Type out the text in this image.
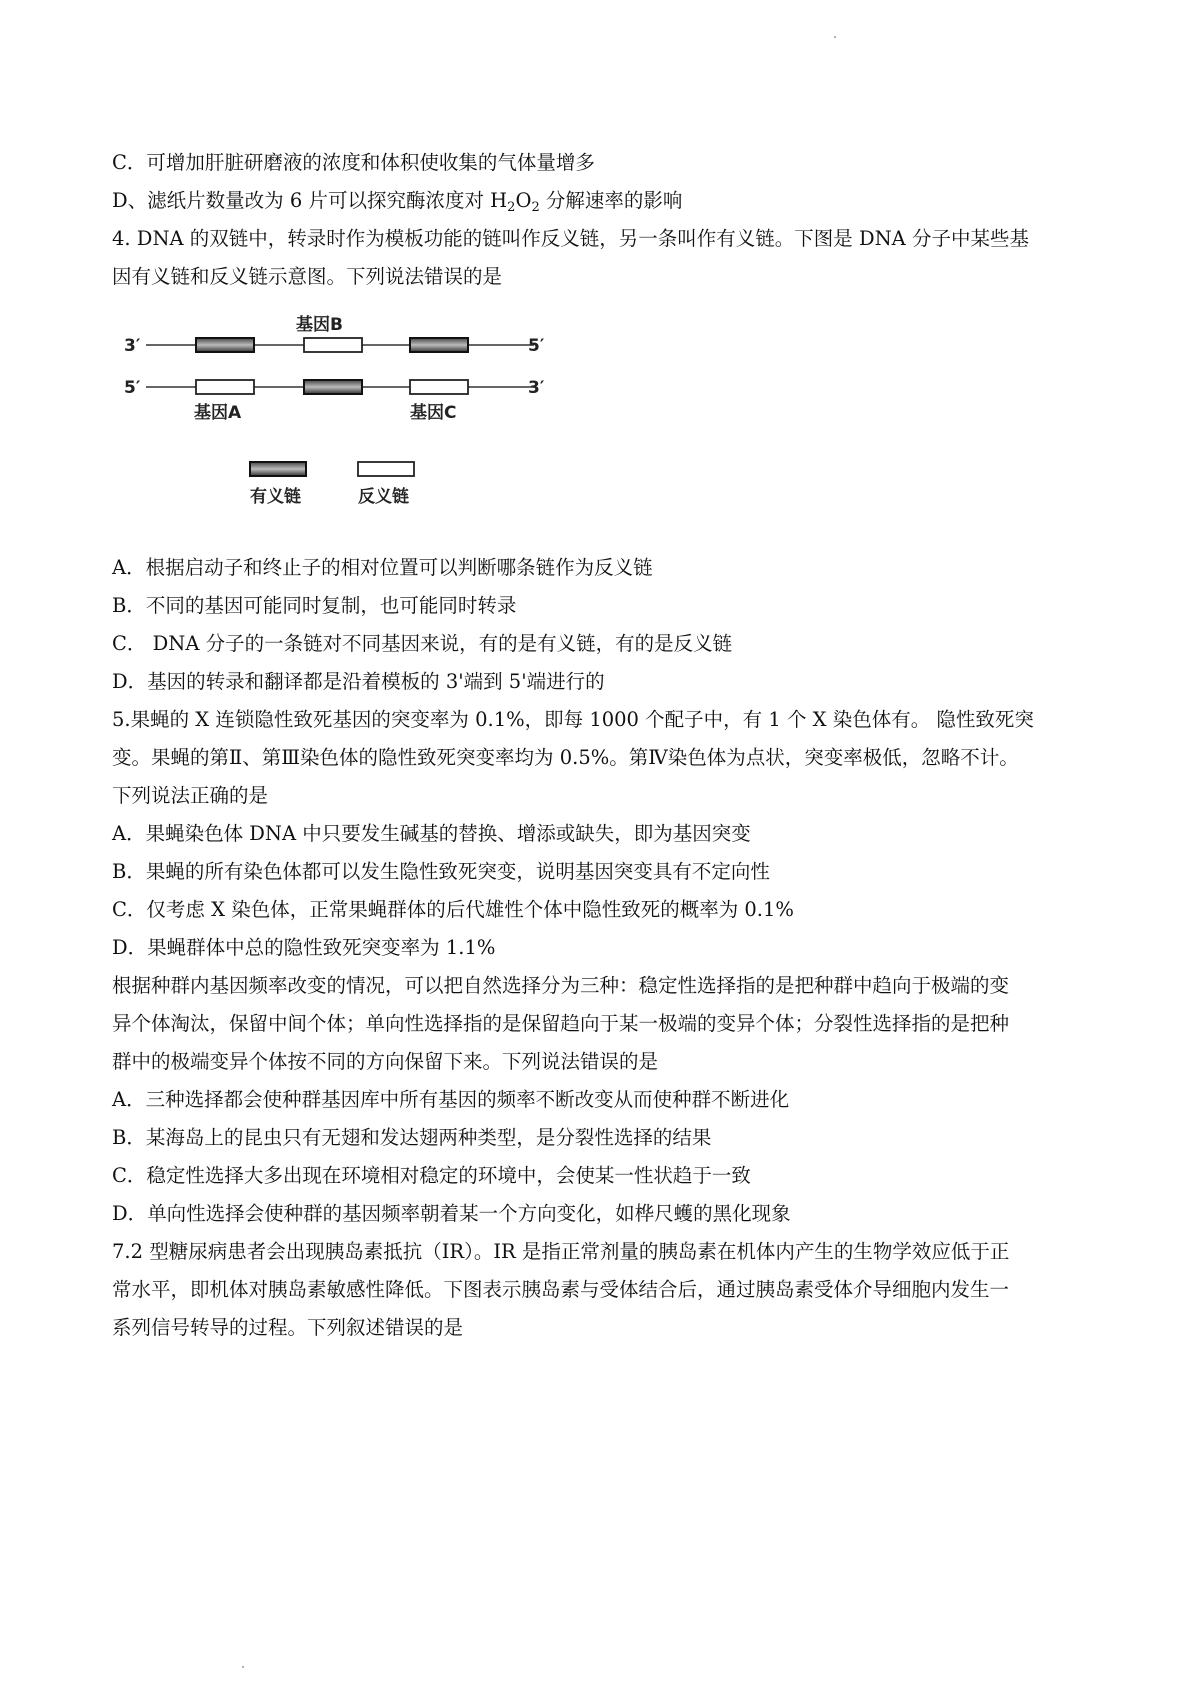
C．可增加肝脏研磨液的浓度和体积使收集的气体量增多
D、滤纸片数量改为 6 片可以探究酶浓度对 $H_2O_2$ 分解速率的影响
4. DNA 的双链中，转录时作为模板功能的链叫作反义链，另一条叫作有义链。下图是 DNA 分子中某些基
因有义链和反义链示意图。下列说法错误的是
3′	5′
基因B
5′	3′
基因A	基因C
有义链	反义链
A．根据启动子和终止子的相对位置可以判断哪条链作为反义链
B．不同的基因可能同时复制，也可能同时转录
C． DNA 分子的一条链对不同基因来说，有的是有义链，有的是反义链
D．基因的转录和翻译都是沿着模板的 3'端到 5'端进行的
5.果蝇的 X 连锁隐性致死基因的突变率为 0.1%，即每 1000 个配子中，有 1 个 X 染色体有。 隐性致死突
变。果蝇的第Ⅱ、第Ⅲ染色体的隐性致死突变率均为 0.5%。第Ⅳ染色体为点状，突变率极低，忽略不计。
下列说法正确的是
A．果蝇染色体 DNA 中只要发生碱基的替换、增添或缺失，即为基因突变
B．果蝇的所有染色体都可以发生隐性致死突变，说明基因突变具有不定向性
C．仅考虑 X 染色体，正常果蝇群体的后代雄性个体中隐性致死的概率为 0.1%
D．果蝇群体中总的隐性致死突变率为 1.1%
根据种群内基因频率改变的情况，可以把自然选择分为三种：稳定性选择指的是把种群中趋向于极端的变
异个体淘汰，保留中间个体；单向性选择指的是保留趋向于某一极端的变异个体；分裂性选择指的是把种
群中的极端变异个体按不同的方向保留下来。下列说法错误的是
A．三种选择都会使种群基因库中所有基因的频率不断改变从而使种群不断进化
B．某海岛上的昆虫只有无翅和发达翅两种类型，是分裂性选择的结果
C．稳定性选择大多出现在环境相对稳定的环境中，会使某一性状趋于一致
D．单向性选择会使种群的基因频率朝着某一个方向变化，如桦尺蠖的黑化现象
7.2 型糖尿病患者会出现胰岛素抵抗（IR）。IR 是指正常剂量的胰岛素在机体内产生的生物学效应低于正
常水平，即机体对胰岛素敏感性降低。下图表示胰岛素与受体结合后，通过胰岛素受体介导细胞内发生一
系列信号转导的过程。下列叙述错误的是
